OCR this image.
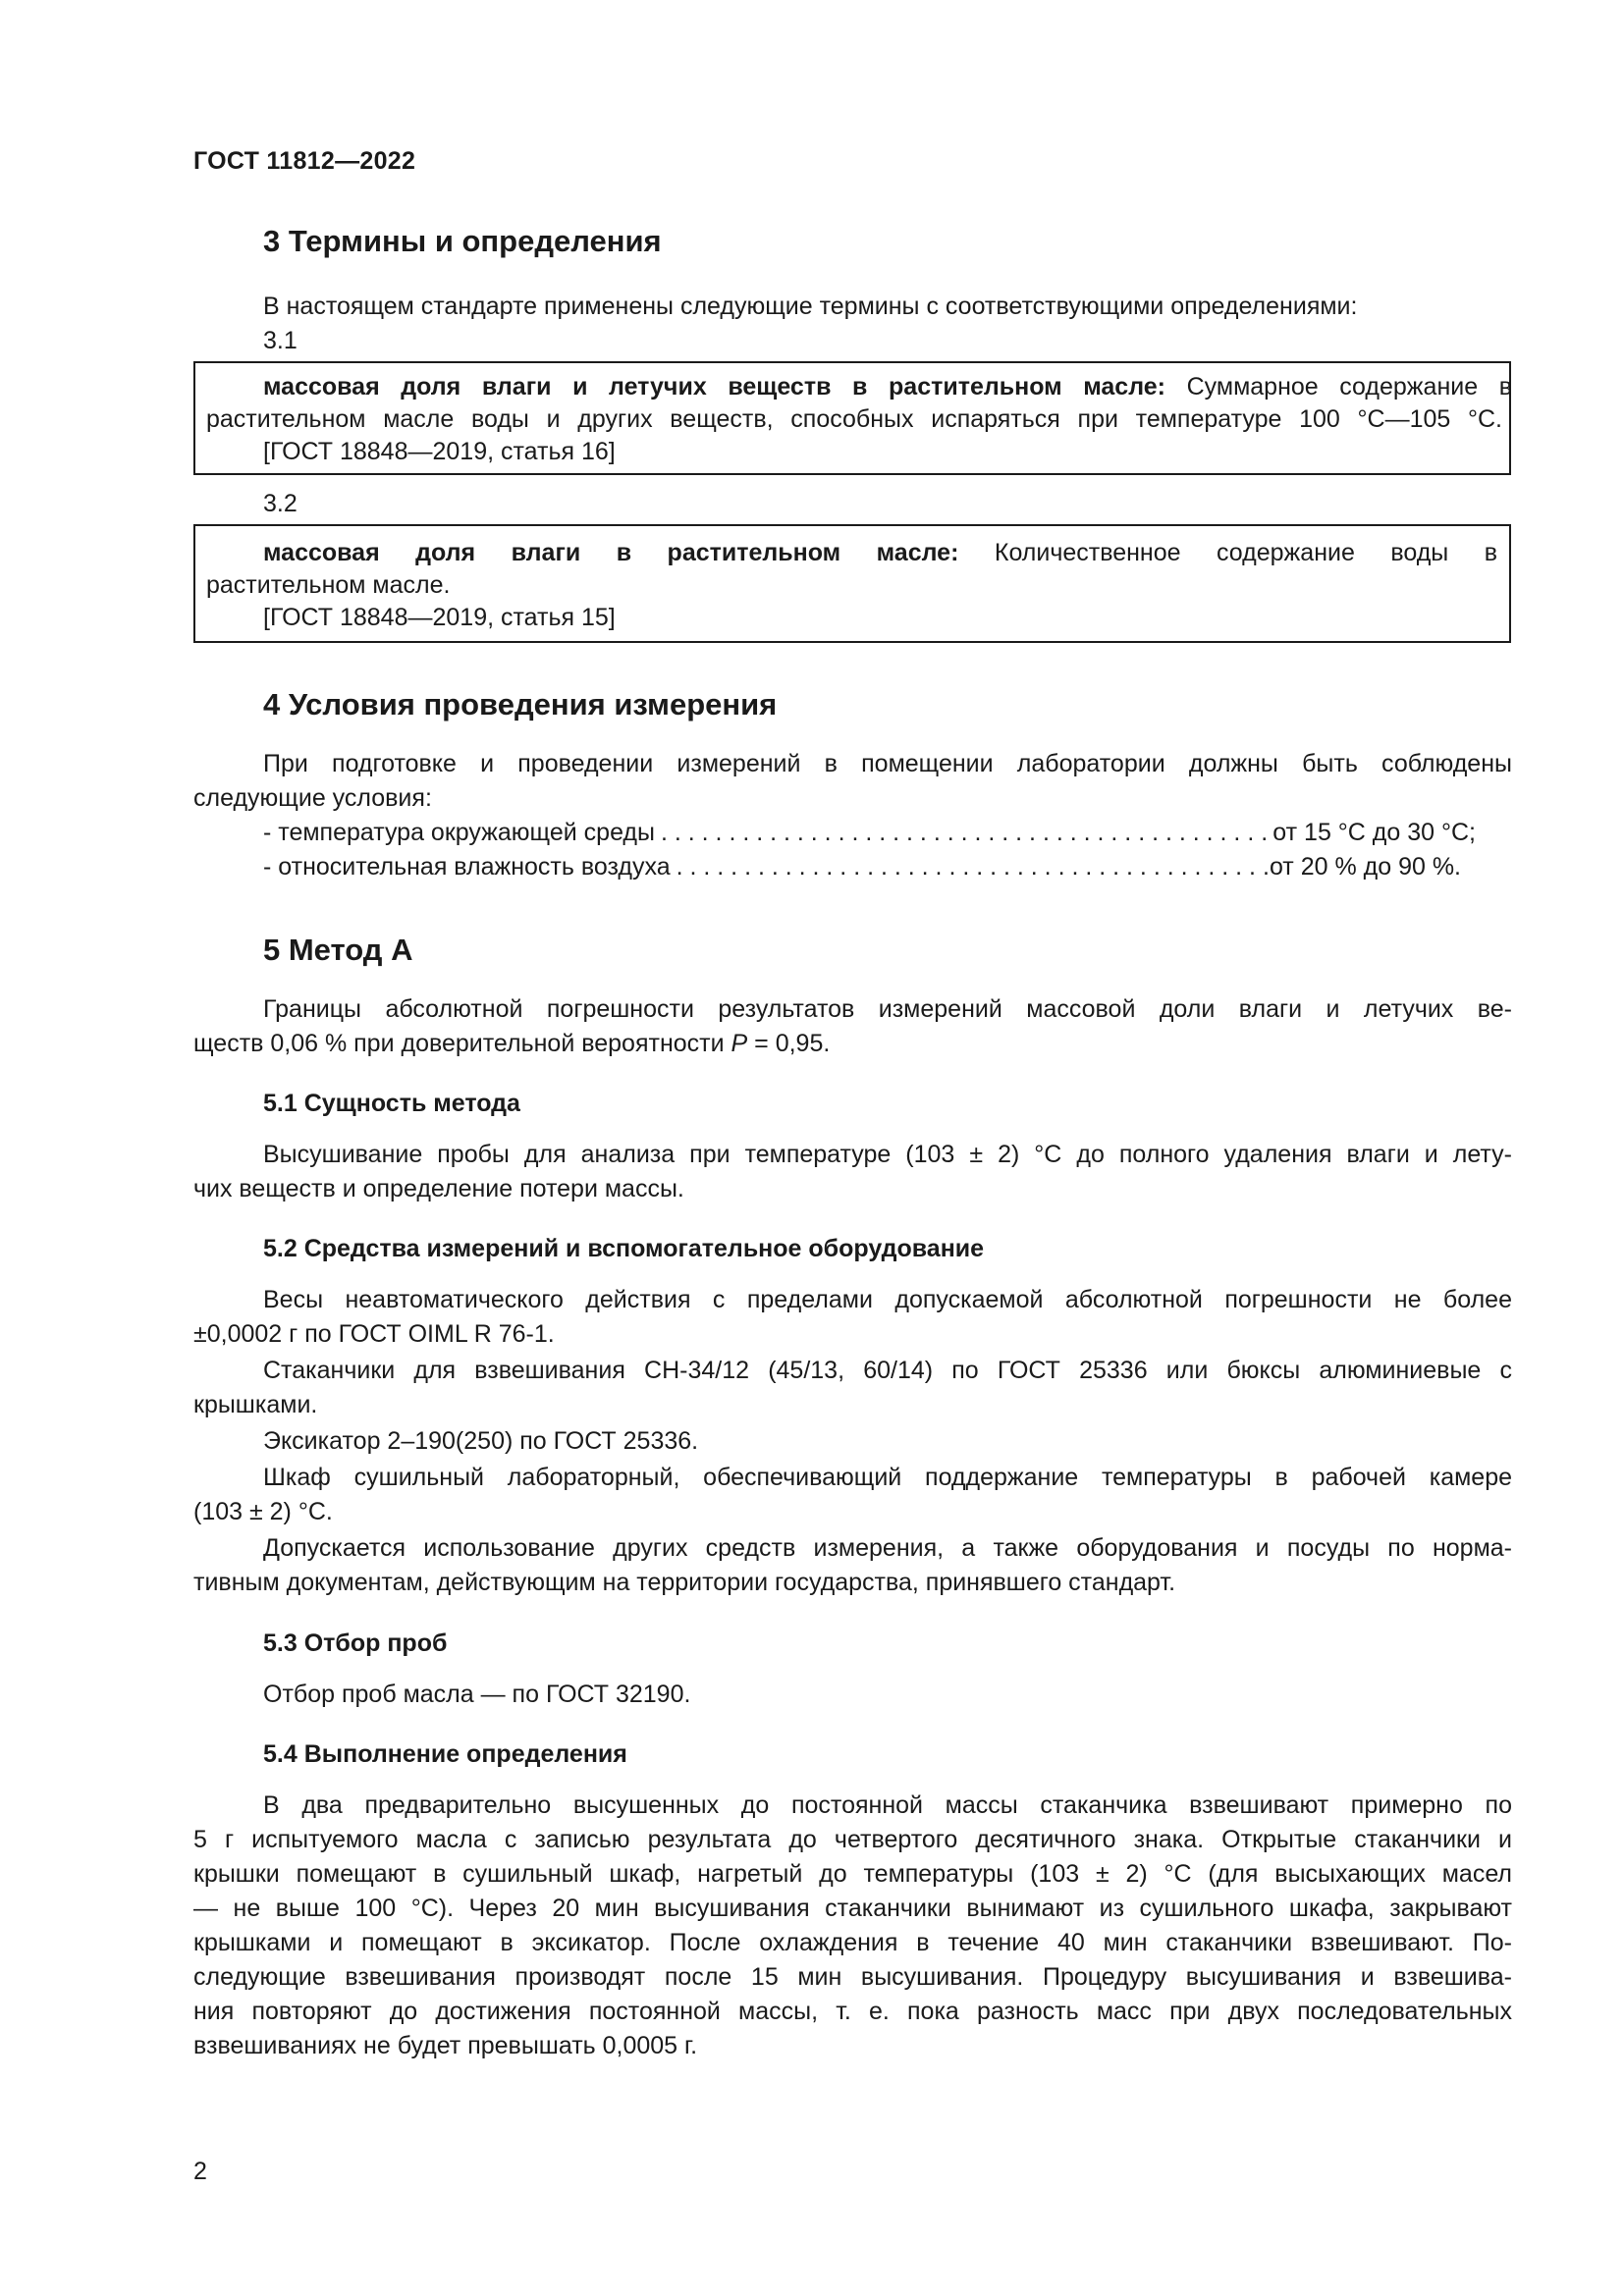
ГОСТ 11812—2022
3 Термины и определения
В настоящем стандарте применены следующие термины с соответствующими определениями:
3.1
массовая доля влаги и летучих веществ в растительном масле: Суммарное содержание в
растительном масле воды и других веществ, способных испаряться при температуре 100 °C—105 °C.
[ГОСТ 18848—2019, статья 16]
3.2
массовая доля влаги в растительном масле: Количественное содержание воды в
растительном масле.
[ГОСТ 18848—2019, статья 15]
4 Условия проведения измерения
При подготовке и проведении измерений в помещении лаборатории должны быть соблюдены
следующие условия:
- температура окружающей среды . . .	от 15 °C до 30 °C;
- относительная влажность воздуха . . .	от 20 % до 90 %.
5 Метод А
Границы абсолютной погрешности результатов измерений массовой доли влаги и летучих ве-
ществ 0,06 % при доверительной вероятности P = 0,95.
5.1 Сущность метода
Высушивание пробы для анализа при температуре (103 ± 2) °C до полного удаления влаги и лету-
чих веществ и определение потери массы.
5.2 Средства измерений и вспомогательное оборудование
Весы неавтоматического действия с пределами допускаемой абсолютной погрешности не более
±0,0002 г по ГОСТ OIML R 76-1.
Стаканчики для взвешивания СН-34/12 (45/13, 60/14) по ГОСТ 25336 или бюксы алюминиевые с
крышками.
Эксикатор 2–190(250) по ГОСТ 25336.
Шкаф сушильный лабораторный, обеспечивающий поддержание температуры в рабочей камере
(103 ± 2) °C.
Допускается использование других средств измерения, а также оборудования и посуды по норма-
тивным документам, действующим на территории государства, принявшего стандарт.
5.3 Отбор проб
Отбор проб масла — по ГОСТ 32190.
5.4 Выполнение определения
В два предварительно высушенных до постоянной массы стаканчика взвешивают примерно по
5 г испытуемого масла с записью результата до четвертого десятичного знака. Открытые стаканчики и
крышки помещают в сушильный шкаф, нагретый до температуры (103 ± 2) °C (для высыхающих масел
— не выше 100 °C). Через 20 мин высушивания стаканчики вынимают из сушильного шкафа, закрывают
крышками и помещают в эксикатор. После охлаждения в течение 40 мин стаканчики взвешивают. По-
следующие взвешивания производят после 15 мин высушивания. Процедуру высушивания и взвешива-
ния повторяют до достижения постоянной массы, т. е. пока разность масс при двух последовательных
взвешиваниях не будет превышать 0,0005 г.
2
